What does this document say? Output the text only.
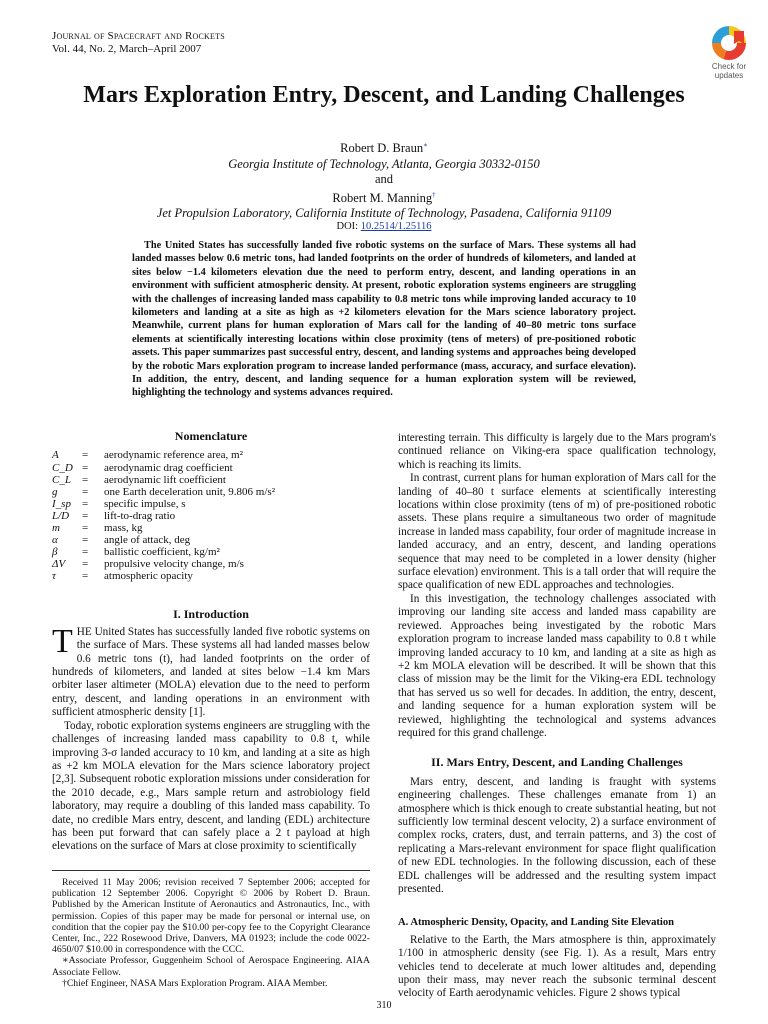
Journal of Spacecraft and Rockets
Vol. 44, No. 2, March–April 2007
Check for
updates
Mars Exploration Entry, Descent, and Landing Challenges
Robert D. Braun∗
Georgia Institute of Technology, Atlanta, Georgia 30332-0150
and
Robert M. Manning†
Jet Propulsion Laboratory, California Institute of Technology, Pasadena, California 91109
DOI: 10.2514/1.25116
The United States has successfully landed five robotic systems on the surface of Mars. These systems all had landed masses below 0.6 metric tons, had landed footprints on the order of hundreds of kilometers, and landed at sites below −1.4 kilometers elevation due the need to perform entry, descent, and landing operations in an environment with sufficient atmospheric density. At present, robotic exploration systems engineers are struggling with the challenges of increasing landed mass capability to 0.8 metric tons while improving landed accuracy to 10 kilometers and landing at a site as high as +2 kilometers elevation for the Mars science laboratory project. Meanwhile, current plans for human exploration of Mars call for the landing of 40–80 metric tons surface elements at scientifically interesting locations within close proximity (tens of meters) of pre-positioned robotic assets. This paper summarizes past successful entry, descent, and landing systems and approaches being developed by the robotic Mars exploration program to increase landed performance (mass, accuracy, and surface elevation). In addition, the entry, descent, and landing sequence for a human exploration system will be reviewed, highlighting the technology and systems advances required.
Nomenclature
A	=	aerodynamic reference area, m²
C_D =	aerodynamic drag coefficient
C_L	=	aerodynamic lift coefficient
g	=	one Earth deceleration unit, 9.806 m/s²
I_sp	=	specific impulse, s
L/D	=	lift-to-drag ratio
m	=	mass, kg
α	=	angle of attack, deg
β	=	ballistic coefficient, kg/m²
ΔV	=	propulsive velocity change, m/s
τ	=	atmospheric opacity
I. Introduction

THE United States has successfully landed five robotic systems on the surface of Mars. These systems all had landed masses below 0.6 metric tons (t), had landed footprints on the order of hundreds of kilometers, and landed at sites below −1.4 km Mars orbiter laser altimeter (MOLA) elevation due to the need to perform entry, descent, and landing operations in an environment with sufficient atmospheric density [1].

Today, robotic exploration systems engineers are struggling with the challenges of increasing landed mass capability to 0.8 t, while improving 3-σ landed accuracy to 10 km, and landing at a site as high as +2 km MOLA elevation for the Mars science laboratory project [2,3]. Subsequent robotic exploration missions under consideration for the 2010 decade, e.g., Mars sample return and astrobiology field laboratory, may require a doubling of this landed mass capability. To date, no credible Mars entry, descent, and landing (EDL) architecture has been put forward that can safely place a 2 t payload at high elevations on the surface of Mars at close proximity to scientifically

Received 11 May 2006; revision received 7 September 2006; accepted for publication 12 September 2006. Copyright © 2006 by Robert D. Braun. Published by the American Institute of Aeronautics and Astronautics, Inc., with permission. Copies of this paper may be made for personal or internal use, on condition that the copier pay the $10.00 per-copy fee to the Copyright Clearance Center, Inc., 222 Rosewood Drive, Danvers, MA 01923; include the code 0022-4650/07 $10.00 in correspondence with the CCC.

∗Associate Professor, Guggenheim School of Aerospace Engineering. AIAA Associate Fellow.

†Chief Engineer, NASA Mars Exploration Program. AIAA Member.

interesting terrain. This difficulty is largely due to the Mars program's continued reliance on Viking-era space qualification technology, which is reaching its limits.

In contrast, current plans for human exploration of Mars call for the landing of 40–80 t surface elements at scientifically interesting locations within close proximity (tens of m) of pre-positioned robotic assets. These plans require a simultaneous two order of magnitude increase in landed mass capability, four order of magnitude increase in landed accuracy, and an entry, descent, and landing operations sequence that may need to be completed in a lower density (higher surface elevation) environment. This is a tall order that will require the space qualification of new EDL approaches and technologies.

In this investigation, the technology challenges associated with improving our landing site access and landed mass capability are reviewed. Approaches being investigated by the robotic Mars exploration program to increase landed mass capability to 0.8 t while improving landed accuracy to 10 km, and landing at a site as high as +2 km MOLA elevation will be described. It will be shown that this class of mission may be the limit for the Viking-era EDL technology that has served us so well for decades. In addition, the entry, descent, and landing sequence for a human exploration system will be reviewed, highlighting the technological and systems advances required for this grand challenge.

II. Mars Entry, Descent, and Landing Challenges

Mars entry, descent, and landing is fraught with systems engineering challenges. These challenges emanate from 1) an atmosphere which is thick enough to create substantial heating, but not sufficiently low terminal descent velocity, 2) a surface environment of complex rocks, craters, dust, and terrain patterns, and 3) the cost of replicating a Mars-relevant environment for space flight qualification of new EDL technologies. In the following discussion, each of these EDL challenges will be addressed and the resulting system impact presented.

A. Atmospheric Density, Opacity, and Landing Site Elevation

Relative to the Earth, the Mars atmosphere is thin, approximately 1/100 in atmospheric density (see Fig. 1). As a result, Mars entry vehicles tend to decelerate at much lower altitudes and, depending upon their mass, may never reach the subsonic terminal descent velocity of Earth aerodynamic vehicles. Figure 2 shows typical

310
